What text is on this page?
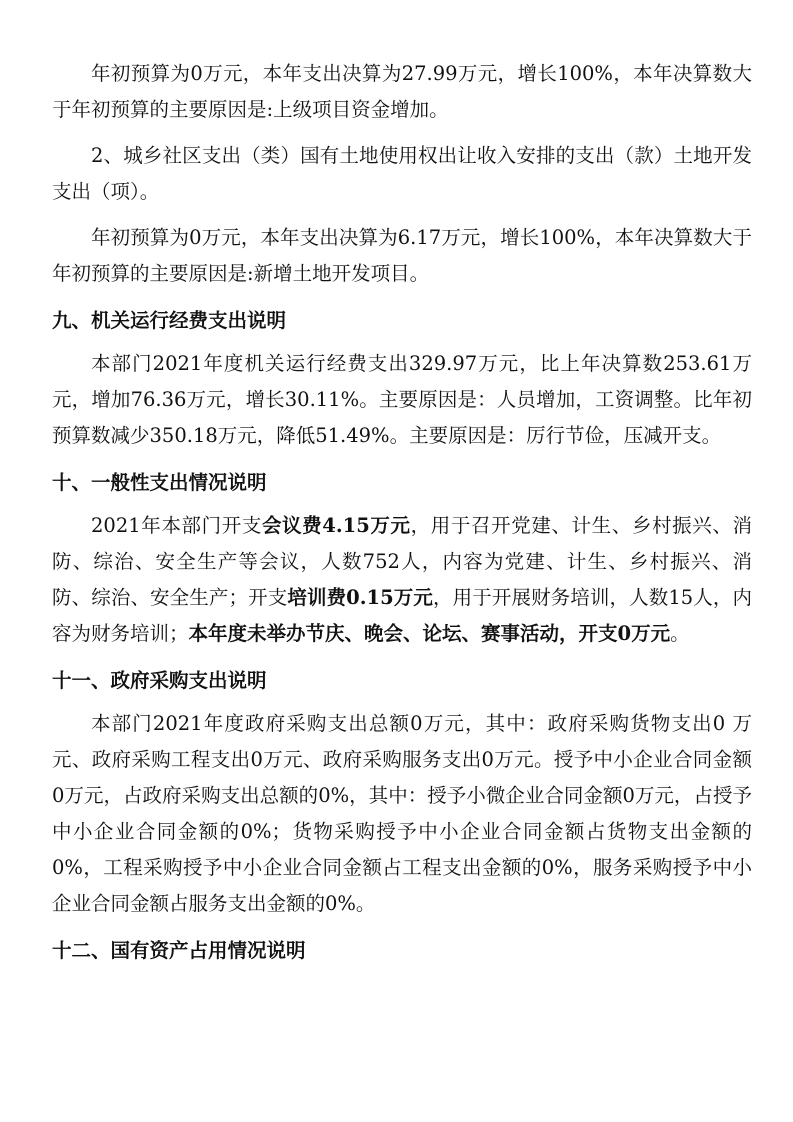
年初预算为0万元，本年支出决算为27.99万元，增长100%，本年决算数大于年初预算的主要原因是:上级项目资金增加。

2、城乡社区支出（类）国有土地使用权出让收入安排的支出（款）土地开发支出（项）。

年初预算为0万元，本年支出决算为6.17万元，增长100%，本年决算数大于年初预算的主要原因是:新增土地开发项目。

九、机关运行经费支出说明

本部门2021年度机关运行经费支出329.97万元，比上年决算数253.61万元，增加76.36万元，增长30.11%。主要原因是：人员增加，工资调整。比年初预算数减少350.18万元，降低51.49%。主要原因是：厉行节俭，压减开支。

十、一般性支出情况说明

2021年本部门开支会议费4.15万元，用于召开党建、计生、乡村振兴、消防、综治、安全生产等会议，人数752人，内容为党建、计生、乡村振兴、消防、综治、安全生产；开支培训费0.15万元，用于开展财务培训，人数15人，内容为财务培训；本年度未举办节庆、晚会、论坛、赛事活动，开支0万元。

十一、政府采购支出说明

本部门2021年度政府采购支出总额0万元，其中：政府采购货物支出0 万元、政府采购工程支出0万元、政府采购服务支出0万元。授予中小企业合同金额0万元，占政府采购支出总额的0%，其中：授予小微企业合同金额0万元，占授予中小企业合同金额的0%；货物采购授予中小企业合同金额占货物支出金额的0%，工程采购授予中小企业合同金额占工程支出金额的0%，服务采购授予中小企业合同金额占服务支出金额的0%。

十二、国有资产占用情况说明
